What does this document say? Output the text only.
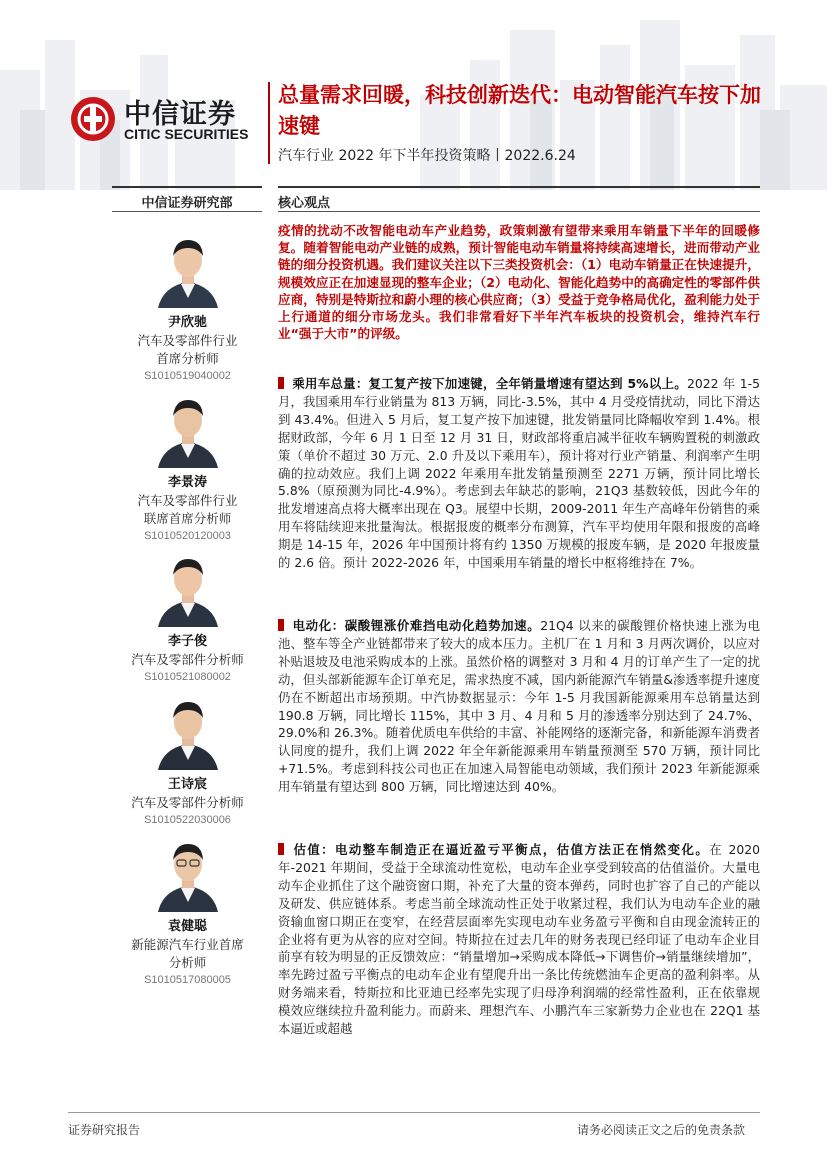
中信证券
CITIC SECURITIES
总量需求回暖，科技创新迭代：电动智能汽车按下加速键
汽车行业 2022 年下半年投资策略丨2022.6.24
中信证券研究部	核心观点
尹欣驰
汽车及零部件行业
首席分析师
S1010519040002
李景涛
汽车及零部件行业
联席首席分析师
S1010520120003
李子俊
汽车及零部件分析师
S1010521080002
王诗宸
汽车及零部件分析师
S1010522030006
袁健聪
新能源汽车行业首席
分析师
S1010517080005

疫情的扰动不改智能电动车产业趋势，政策刺激有望带来乘用车销量下半年的回暖修复。随着智能电动产业链的成熟，预计智能电动车销量将持续高速增长，进而带动产业链的细分投资机遇。我们建议关注以下三类投资机会：（1）电动车销量正在快速提升，规模效应正在加速显现的整车企业；（2）电动化、智能化趋势中的高确定性的零部件供应商，特别是特斯拉和蔚小理的核心供应商；（3）受益于竞争格局优化，盈利能力处于上行通道的细分市场龙头。我们非常看好下半年汽车板块的投资机会，维持汽车行业“强于大市”的评级。

乘用车总量：复工复产按下加速键，全年销量增速有望达到 5%以上。2022 年 1-5 月，我国乘用车行业销量为 813 万辆，同比-3.5%，其中 4 月受疫情扰动，同比下滑达到 43.4%。但进入 5 月后，复工复产按下加速键，批发销量同比降幅收窄到 1.4%。根据财政部，今年 6 月 1 日至 12 月 31 日，财政部将重启减半征收车辆购置税的刺激政策（单价不超过 30 万元、2.0 升及以下乘用车），预计将对行业产销量、利润率产生明确的拉动效应。我们上调 2022 年乘用车批发销量预测至 2271 万辆，预计同比增长 5.8%（原预测为同比-4.9%）。考虑到去年缺芯的影响，21Q3 基数较低，因此今年的批发增速高点将大概率出现在 Q3。展望中长期，2009-2011 年生产高峰年份销售的乘用车将陆续迎来批量淘汰。根据报废的概率分布测算，汽车平均使用年限和报废的高峰期是 14-15 年，2026 年中国预计将有约 1350 万规模的报废车辆，是 2020 年报废量的 2.6 倍。预计 2022-2026 年，中国乘用车销量的增长中枢将维持在 7%。
电动化：碳酸锂涨价难挡电动化趋势加速。21Q4 以来的碳酸锂价格快速上涨为电池、整车等全产业链都带来了较大的成本压力。主机厂在 1 月和 3 月两次调价，以应对补贴退坡及电池采购成本的上涨。虽然价格的调整对 3 月和 4 月的订单产生了一定的扰动，但头部新能源车企订单充足，需求热度不减，国内新能源汽车销量&渗透率提升速度仍在不断超出市场预期。中汽协数据显示：今年 1-5 月我国新能源乘用车总销量达到 190.8 万辆，同比增长 115%，其中 3 月、4 月和 5 月的渗透率分别达到了 24.7%、29.0%和 26.3%。随着优质电车供给的丰富、补能网络的逐渐完备，和新能源车消费者认同度的提升，我们上调 2022 年全年新能源乘用车销量预测至 570 万辆，预计同比+71.5%。考虑到科技公司也正在加速入局智能电动领域，我们预计 2023 年新能源乘用车销量有望达到 800 万辆，同比增速达到 40%。
估值：电动整车制造正在逼近盈亏平衡点，估值方法正在悄然变化。在 2020 年-2021 年期间，受益于全球流动性宽松，电动车企业享受到较高的估值溢价。大量电动车企业抓住了这个融资窗口期，补充了大量的资本弹药，同时也扩容了自己的产能以及研发、供应链体系。考虑当前全球流动性正处于收紧过程，我们认为电动车企业的融资输血窗口期正在变窄，在经营层面率先实现电动车业务盈亏平衡和自由现金流转正的企业将有更为从容的应对空间。特斯拉在过去几年的财务表现已经印证了电动车企业目前享有较为明显的正反馈效应：“销量增加→采购成本降低→下调售价→销量继续增加”，率先跨过盈亏平衡点的电动车企业有望爬升出一条比传统燃油车企更高的盈利斜率。从财务端来看，特斯拉和比亚迪已经率先实现了归母净利润端的经常性盈利，正在依靠规模效应继续拉升盈利能力。而蔚来、理想汽车、小鹏汽车三家新势力企业也在 22Q1 基本逼近或超越
证券研究报告	请务必阅读正文之后的免责条款
